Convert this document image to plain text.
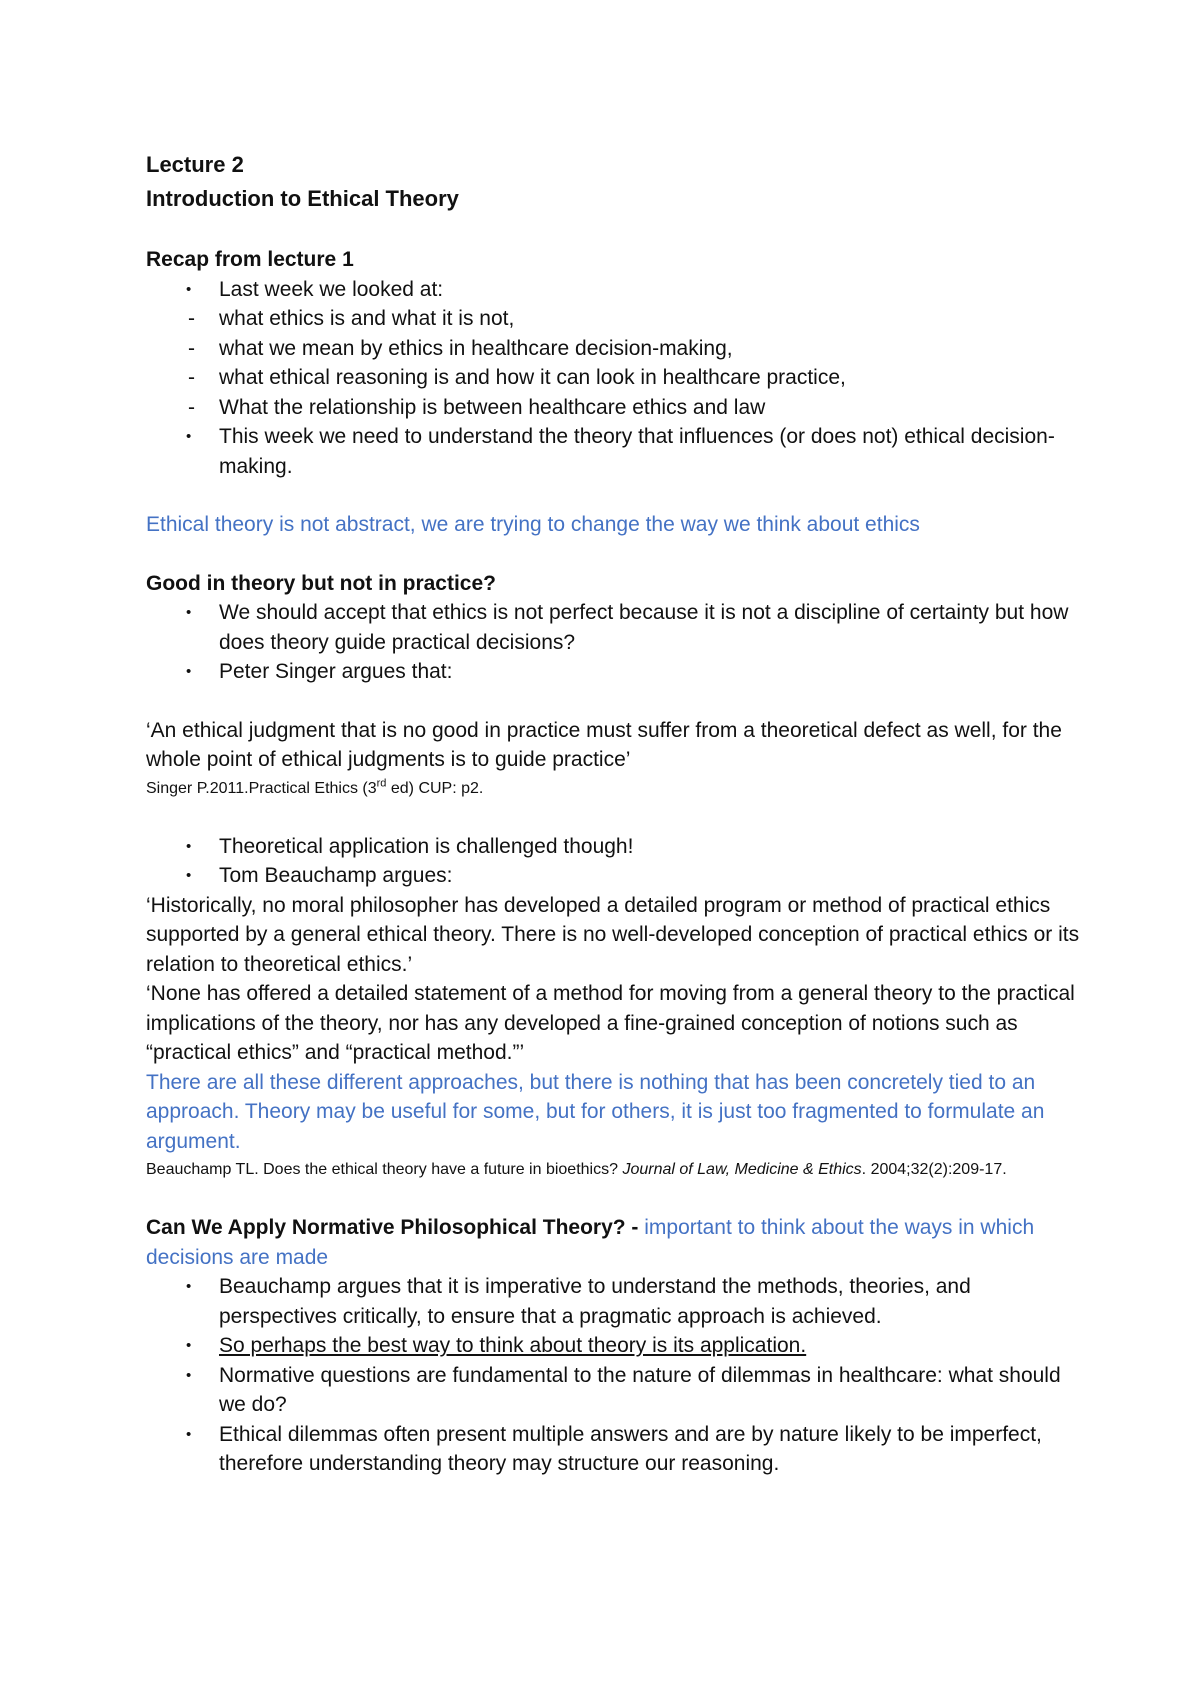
Lecture 2
Introduction to Ethical Theory

Recap from lecture 1

• Last week we looked at:
- what ethics is and what it is not,
- what we mean by ethics in healthcare decision-making,
- what ethical reasoning is and how it can look in healthcare practice,
- What the relationship is between healthcare ethics and law
• This week we need to understand the theory that influences (or does not) ethical decision-making.

Ethical theory is not abstract, we are trying to change the way we think about ethics

Good in theory but not in practice?

• We should accept that ethics is not perfect because it is not a discipline of certainty but how does theory guide practical decisions?
• Peter Singer argues that:

‘An ethical judgment that is no good in practice must suffer from a theoretical defect as well, for the whole point of ethical judgments is to guide practice’

Singer P.2011.Practical Ethics (3rd ed) CUP: p2.

• Theoretical application is challenged though!
• Tom Beauchamp argues:

‘Historically, no moral philosopher has developed a detailed program or method of practical ethics supported by a general ethical theory. There is no well-developed conception of practical ethics or its relation to theoretical ethics.’

‘None has offered a detailed statement of a method for moving from a general theory to the practical implications of the theory, nor has any developed a fine-grained conception of notions such as “practical ethics” and “practical method.”’

There are all these different approaches, but there is nothing that has been concretely tied to an approach. Theory may be useful for some, but for others, it is just too fragmented to formulate an argument.

Beauchamp TL. Does the ethical theory have a future in bioethics? Journal of Law, Medicine & Ethics. 2004;32(2):209-17.

Can We Apply Normative Philosophical Theory? - important to think about the ways in which decisions are made

• Beauchamp argues that it is imperative to understand the methods, theories, and perspectives critically, to ensure that a pragmatic approach is achieved.
• So perhaps the best way to think about theory is its application.
• Normative questions are fundamental to the nature of dilemmas in healthcare: what should we do?
• Ethical dilemmas often present multiple answers and are by nature likely to be imperfect, therefore understanding theory may structure our reasoning.
